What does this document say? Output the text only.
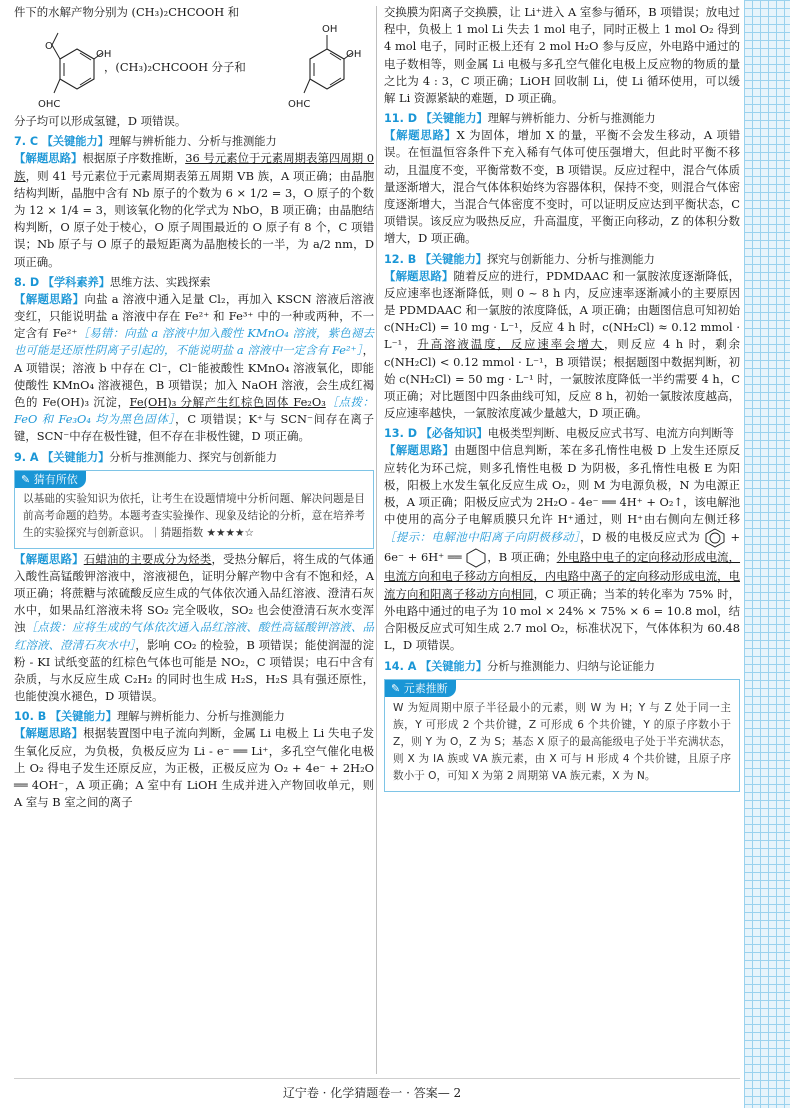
件下的水解产物分别为 (CH₃)₂CHCOOH 和

O
OH
OHC
，(CH₃)₂CHCOOH 分子和
OH
OH
OHC

分子均可以形成氢键，D 项错误。

7. C 【关键能力】理解与辨析能力、分析与推测能力

【解题思路】根据原子序数推断，36 号元素位于元素周期表第四周期 0 族，则 41 号元素位于元素周期表第五周期 ⅤB 族，A 项正确；由晶胞结构判断，晶胞中含有 Nb 原子的个数为 6 × 1/2 = 3，O 原子的个数为 12 × 1/4 = 3，则该氧化物的化学式为 NbO，B 项正确；由晶胞结构判断，O 原子处于棱心，O 原子周围最近的 O 原子有 8 个，C 项错误；Nb 原子与 O 原子的最短距离为晶胞棱长的一半，为 a/2 nm，D 项正确。

8. D 【学科素养】思维方法、实践探索

【解题思路】向盐 a 溶液中通入足量 Cl₂，再加入 KSCN 溶液后溶液变红，只能说明盐 a 溶液中存在 Fe²⁺ 和 Fe³⁺ 中的一种或两种，不一定含有 Fe²⁺［易错：向盐 a 溶液中加入酸性 KMnO₄ 溶液，紫色褪去也可能是还原性阴离子引起的，不能说明盐 a 溶液中一定含有 Fe²⁺］，A 项错误；溶液 b 中存在 Cl⁻，Cl⁻能被酸性 KMnO₄ 溶液氧化，即能使酸性 KMnO₄ 溶液褪色，B 项错误；加入 NaOH 溶液，会生成红褐色的 Fe(OH)₃ 沉淀，Fe(OH)₃ 分解产生红棕色固体 Fe₂O₃［点拨：FeO 和 Fe₃O₄ 均为黑色固体］，C 项错误；K⁺与 SCN⁻间存在离子键，SCN⁻中存在极性键，但不存在非极性键，D 项正确。

9. A 【关键能力】分析与推测能力、探究与创新能力
✎ 猜有所依
以基础的实验知识为依托，让考生在设题情境中分析问题、解决问题是目前高考命题的趋势。本题考查实验操作、现象及结论的分析，意在培养考生的实验探究与创新意识。｜猜题指数 ★★★★☆

【解题思路】石蜡油的主要成分为烃类，受热分解后，将生成的气体通入酸性高锰酸钾溶液中，溶液褪色，证明分解产物中含有不饱和烃，A 项正确；将蔗糖与浓硫酸反应生成的气体依次通入品红溶液、澄清石灰水中，如果品红溶液未将 SO₂ 完全吸收，SO₂ 也会使澄清石灰水变浑浊［点拨：应将生成的气体依次通入品红溶液、酸性高锰酸钾溶液、品红溶液、澄清石灰水中］，影响 CO₂ 的检验，B 项错误；能使润湿的淀粉 - KI 试纸变蓝的红棕色气体也可能是 NO₂，C 项错误；电石中含有杂质，与水反应生成 C₂H₂ 的同时也生成 H₂S，H₂S 具有强还原性，也能使溴水褪色，D 项错误。

10. B 【关键能力】理解与辨析能力、分析与推测能力

【解题思路】根据装置图中电子流向判断，金属 Li 电极上 Li 失电子发生氧化反应，为负极，负极反应为 Li - e⁻ ══ Li⁺，多孔空气催化电极上 O₂ 得电子发生还原反应，为正极，正极反应为 O₂ + 4e⁻ + 2H₂O ══ 4OH⁻，A 项正确；A 室中有 LiOH 生成并进入产物回收单元，则 A 室与 B 室之间的离子

交换膜为阳离子交换膜，让 Li⁺进入 A 室参与循环，B 项错误；放电过程中，负极上 1 mol Li 失去 1 mol 电子，同时正极上 1 mol O₂ 得到 4 mol 电子，同时正极上还有 2 mol H₂O 参与反应，外电路中通过的电子数相等，则金属 Li 电极与多孔空气催化电极上反应物的物质的量之比为 4 : 3，C 项正确；LiOH 回收制 Li，使 Li 循环使用，可以缓解 Li 资源紧缺的难题，D 项正确。

11. D 【关键能力】理解与辨析能力、分析与推测能力

【解题思路】X 为固体，增加 X 的量，平衡不会发生移动，A 项错误。在恒温恒容条件下充入稀有气体可使压强增大，但此时平衡不移动，且温度不变，平衡常数不变，B 项错误。反应过程中，混合气体质量逐渐增大，混合气体体积始终为容器体积，保持不变，则混合气体密度逐渐增大，当混合气体密度不变时，可以证明反应达到平衡状态，C 项错误。该反应为吸热反应，升高温度，平衡正向移动，Z 的体积分数增大，D 项正确。

12. B 【关键能力】探究与创新能力、分析与推测能力

【解题思路】随着反应的进行，PDMDAAC 和一氯胺浓度逐渐降低，反应速率也逐渐降低，则 0 ~ 8 h 内，反应速率逐渐减小的主要原因是 PDMDAAC 和一氯胺的浓度降低，A 项正确；由题图信息可知初始 c(NH₂Cl) = 10 mg · L⁻¹，反应 4 h 时，c(NH₂Cl) ≈ 0.12 mmol · L⁻¹，升高溶液温度，反应速率会增大，则反应 4 h 时，剩余 c(NH₂Cl) < 0.12 mmol · L⁻¹，B 项错误；根据题图中数据判断，初始 c(NH₂Cl) = 50 mg · L⁻¹ 时，一氯胺浓度降低一半约需要 4 h，C 项正确；对比题图中四条曲线可知，反应 8 h，初始一氯胺浓度越高，反应速率越快，一氯胺浓度减少量越大，D 项正确。

13. D 【必备知识】电极类型判断、电极反应式书写、电流方向判断等

【解题思路】由题图中信息判断，苯在多孔惰性电极 D 上发生还原反应转化为环己烷，则多孔惰性电极 D 为阴极，多孔惰性电极 E 为阳极，阳极上水发生氧化反应生成 O₂，则 M 为电源负极，N 为电源正极，A 项正确；阳极反应式为 2H₂O - 4e⁻ ══ 4H⁺ + O₂↑，该电解池中使用的高分子电解质膜只允许 H⁺通过，则 H⁺由右侧向左侧迁移［提示：电解池中阳离子向阴极移动］，D 极的电极反应式为	+ 6e⁻ + 6H⁺ ══ ，B 项正确；外电路中电子的定向移动形成电流，电流方向和电子移动方向相反，内电路中离子的定向移动形成电流，电流方向和阳离子移动方向相同，C 项正确；当苯的转化率为 75% 时，外电路中通过的电子为 10 mol × 24% × 75% × 6 = 10.8 mol，结合阳极反应式可知生成 2.7 mol O₂，标准状况下，气体体积为 60.48 L，D 项错误。

14. A 【关键能力】分析与推测能力、归纳与论证能力
✎ 元素推断
W 为短周期中原子半径最小的元素，则 W 为 H；Y 与 Z 处于同一主族，Y 可形成 2 个共价键，Z 可形成 6 个共价键，Y 的原子序数小于 Z，则 Y 为 O，Z 为 S；基态 X 原子的最高能级电子处于半充满状态，则 X 为 ⅠA 族或 ⅤA 族元素，由 X 可与 H 形成 4 个共价键，且原子序数小于 O，可知 X 为第 2 周期第 ⅤA 族元素，X 为 N。
辽宁卷 · 化学猜题卷一 · 答案— 2
